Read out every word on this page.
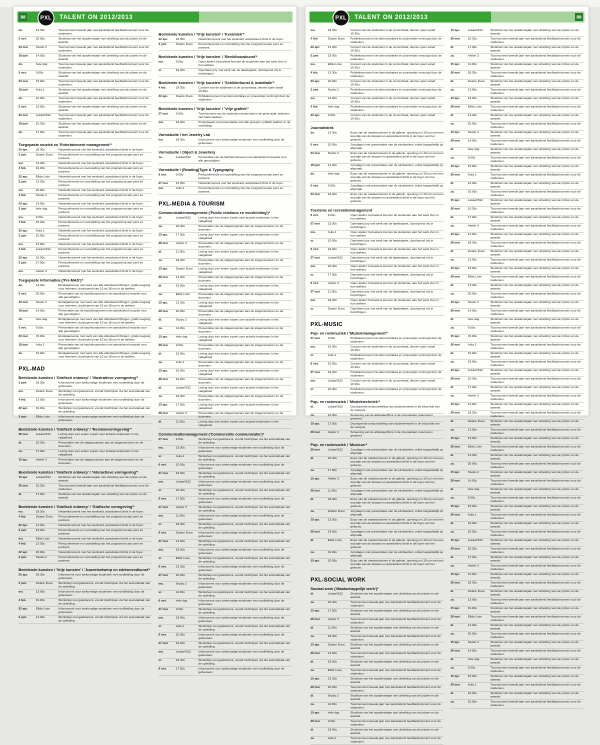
88 PXL TALENT ON 2012/2013
do.	13.30u	Toonmoment tweede jaar met aansluitend feedbackmoment voor de studenten.
5 mrt.	20.00u	Slotshow van het academiejaar met uitreiking van de prijzen en de awards.
23 mei	Studio 2	Toonmoment tweede jaar met aansluitend feedbackmoment voor de studenten.
18 juni	14.00u	Slotshow van het academiejaar met uitreiking van de prijzen en de awards.
do.	hele dag	Toonmoment tweede jaar met aansluitend feedbackmoment voor de studenten.
5 mrt.	9.00u	Slotshow van het academiejaar met uitreiking van de prijzen en de awards.
23 mei	15.00u	Toonmoment tweede jaar met aansluitend feedbackmoment voor de studenten.
18 juni	Aula 1	Slotshow van het academiejaar met uitreiking van de prijzen en de awards.
do.	10.00u	Toonmoment tweede jaar met aansluitend feedbackmoment voor de studenten.
5 mrt.	16.00u	Slotshow van het academiejaar met uitreiking van de prijzen en de awards.
23 mei	Lokaal B12	Toonmoment tweede jaar met aansluitend feedbackmoment voor de studenten.
18 juni	10.30u	Slotshow van het academiejaar met uitreiking van de prijzen en de awards.
do.	17.00u	Toonmoment tweede jaar met aansluitend feedbackmoment voor de studenten.
Toegepaste muziek en 'Entertainment management'*
22 apr.	18.30u	Netwerkmoment met het werkveld, aansluitend drink in de foyer.
3 juni	Zwarte Doos Persconferentie en voorstelling van het programma aan pers en partners.
wo.	13.00u	Netwerkmoment met het werkveld, aansluitend drink in de foyer.
4 feb.	19.00u	Persconferentie en voorstelling van het programma aan pers en partners.
22 apr.	Elfde Linie	Netwerkmoment met het werkveld, aansluitend drink in de foyer.
3 juni	13.30u	Persconferentie en voorstelling van het programma aan pers en partners.
wo.	20.00u	Netwerkmoment met het werkveld, aansluitend drink in de foyer.
4 feb.	Studio 2	Persconferentie en voorstelling van het programma aan pers en partners.
22 apr.	14.00u	Netwerkmoment met het werkveld, aansluitend drink in de foyer.
3 juni	hele dag	Persconferentie en voorstelling van het programma aan pers en partners.
wo.	9.00u	Netwerkmoment met het werkveld, aansluitend drink in de foyer.
4 feb.	15.00u	Persconferentie en voorstelling van het programma aan pers en partners.
22 apr.	Aula 1	Netwerkmoment met het werkveld, aansluitend drink in de foyer.
3 juni	10.00u	Persconferentie en voorstelling van het programma aan pers en partners.
wo.	16.00u	Netwerkmoment met het werkveld, aansluitend drink in de foyer.
4 feb.	Lokaal B12	Persconferentie en voorstelling van het programma aan pers en partners.
22 apr.	10.30u	Netwerkmoment met het werkveld, aansluitend drink in de foyer.
3 juni	17.00u	Persconferentie en voorstelling van het programma aan pers en partners.
wo.	Atelier 3	Netwerkmoment met het werkveld, aansluitend drink in de foyer.
Toegepaste informatica ('Pre-MAD')*
do.	13.30u	Eindejaarsexpo met werk van alle afstudeerrichtingen, gratis toegang voor iedereen, doorlopend van 10 tot 18 uur in de ateliers.
5 mrt.	20.00u	Presentatie van de bachelorproeven met aansluitend receptie voor alle genodigden.
23 mei	Studio 2	Eindejaarsexpo met werk van alle afstudeerrichtingen, gratis toegang voor iedereen, doorlopend van 10 tot 18 uur in de ateliers.
18 juni	14.00u	Presentatie van de bachelorproeven met aansluitend receptie voor alle genodigden.
do.	hele dag	Eindejaarsexpo met werk van alle afstudeerrichtingen, gratis toegang voor iedereen, doorlopend van 10 tot 18 uur in de ateliers.
5 mrt.	9.00u	Presentatie van de bachelorproeven met aansluitend receptie voor alle genodigden.
23 mei	15.00u	Eindejaarsexpo met werk van alle afstudeerrichtingen, gratis toegang voor iedereen, doorlopend van 10 tot 18 uur in de ateliers.
18 juni	Aula 1	Presentatie van de bachelorproeven met aansluitend receptie voor alle genodigden.
do.	10.00u	Eindejaarsexpo met werk van alle afstudeerrichtingen, gratis toegang voor iedereen, doorlopend van 10 tot 18 uur in de ateliers.
PXL-MAD
Beeldende kunsten / 'Grafisch ontwerp' / 'Illustratieve vormgeving'*
3 juni	18.30u	Infomoment voor toekomstige studenten met rondleiding door de gebouwen.
wo.	Zwarte Doos Workshop met gastdocent, vooraf inschrijven via het secretariaat van de opleiding.
4 feb.	13.00u	Infomoment voor toekomstige studenten met rondleiding door de gebouwen.
22 apr.	19.00u	Workshop met gastdocent, vooraf inschrijven via het secretariaat van de opleiding.
3 juni	Elfde Linie	Infomoment voor toekomstige studenten met rondleiding door de gebouwen.
Beeldende kunsten / 'Grafisch ontwerp' / 'Reclamevormgeving'*
28 mei	Lokaal B12	Lezing door een extern expert over actuele tendensen in het vakgebied.
di.	10.30u	Presentatie van de stageprojecten aan de stagementoren en de docenten.
za.	17.00u	Lezing door een extern expert over actuele tendensen in het vakgebied.
15 apr.	Atelier 3	Presentatie van de stageprojecten aan de stagementoren en de docenten.
Beeldende kunsten / 'Grafisch ontwerp' / 'Interactieve vormgeving'*
15 apr.	Lokaal B12	Slotshow van het academiejaar met uitreiking van de prijzen en de awards.
28 mei	10.30u	Toonmoment tweede jaar met aansluitend feedbackmoment voor de studenten.
di.	17.00u	Slotshow van het academiejaar met uitreiking van de prijzen en de awards.
Beeldende kunsten / 'Grafisch ontwerp' / 'Grafische vormgeving'*
wo.	18.30u	Netwerkmoment met het werkveld, aansluitend drink in de foyer.
4 feb.	Zwarte Doos Persconferentie en voorstelling van het programma aan pers en partners.
22 apr.	13.00u	Netwerkmoment met het werkveld, aansluitend drink in de foyer.
3 juni	19.00u	Persconferentie en voorstelling van het programma aan pers en partners.
wo.	Elfde Linie	Netwerkmoment met het werkveld, aansluitend drink in de foyer.
4 feb.	13.30u	Persconferentie en voorstelling van het programma aan pers en partners.
22 apr.	20.00u	Netwerkmoment met het werkveld, aansluitend drink in de foyer.
3 juni	Studio 2	Persconferentie en voorstelling van het programma aan pers en partners.
Beeldende kunsten / 'Vrije kunsten' / 'Juweelontwerp en edelsmeedkunst'*
22 apr.	18.30u	Infomoment voor toekomstige studenten met rondleiding door de gebouwen.
3 juni	Zwarte Doos Workshop met gastdocent, vooraf inschrijven via het secretariaat van de opleiding.
wo.	13.00u	Infomoment voor toekomstige studenten met rondleiding door de gebouwen.
4 feb.	19.00u	Workshop met gastdocent, vooraf inschrijven via het secretariaat van de opleiding.
22 apr.	Elfde Linie	Infomoment voor toekomstige studenten met rondleiding door de gebouwen.
3 juni	13.30u	Workshop met gastdocent, vooraf inschrijven via het secretariaat van de opleiding.
Beeldende kunsten / 'Vrije kunsten' / 'Keramiek'*
22 apr.	18.30u	Netwerkmoment met het werkveld, aansluitend drink in de foyer.
3 juni	Zwarte Doos Persconferentie en voorstelling van het programma aan pers en partners.
Beeldende kunsten / 'Vrije kunsten' / 'Beeldhouwkunst'*
ma.	9.00u	Open atelier: bezoekers kunnen de studenten aan het werk zien in hun ateliers.
vr.	15.00u	Openbare jury met werk van de laatstejaars, doorlopend vrij te bezichtigen.
Beeldende kunsten / 'Vrije kunsten' / 'Schilderkunst & installatie'*
4 feb.	18.30u	Concert van de studenten in de concertzaal, deuren open vanaf 19.30u.
22 apr.	Zwarte Doos Publieksmoment met demonstraties en proeverijen verzorgd door de studenten.
Beeldende kunsten / 'Vrije kunsten' / 'Vrije grafiek'*
27 mei	9.00u	Toonmoment van de studenten eerste jaar in de grote aula, iedereen van harte welkom.
ma.	15.00u	Projectweek met presentaties van alle groepen, publiek welkom in de namiddag.
Vormstudie / het Jewelry Lab
wo.	18.30u	Infomoment voor toekomstige studenten met rondleiding door de gebouwen.
Vormstudie / Object & Jewellery
za.	Lokaal B12	Presentatie van de bachelorproeven met aansluitend receptie voor alle genodigden.
Vormstudie / (Reading)Type & Typography
6 mrt.	9.00u	Persconferentie en voorstelling van het programma aan pers en partners.
27 mei	15.00u	Netwerkmoment met het werkveld, aansluitend drink in de foyer.
ma.	Aula 1	Persconferentie en voorstelling van het programma aan pers en partners.
PXL-MEDIA & TOURISM
Communicatiemanagement ('Public relations en voorlichting')*
di.	Lokaal B12	Lezing door een extern expert over actuele tendensen in het vakgebied.
za.	10.30u	Presentatie van de stageprojecten aan de stagementoren en de docenten.
15 apr.	17.00u	Lezing door een extern expert over actuele tendensen in het vakgebied.
28 mei	Atelier 3	Presentatie van de stageprojecten aan de stagementoren en de docenten.
di.	11.00u	Lezing door een extern expert over actuele tendensen in het vakgebied.
za.	18.30u	Presentatie van de stageprojecten aan de stagementoren en de docenten.
15 apr.	Zwarte Doos Lezing door een extern expert over actuele tendensen in het vakgebied.
28 mei	13.00u	Presentatie van de stageprojecten aan de stagementoren en de docenten.
di.	19.00u	Lezing door een extern expert over actuele tendensen in het vakgebied.
za.	Elfde Linie	Presentatie van de stageprojecten aan de stagementoren en de docenten.
15 apr.	13.30u	Lezing door een extern expert over actuele tendensen in het vakgebied.
28 mei	20.00u	Presentatie van de stageprojecten aan de stagementoren en de docenten.
di.	Studio 2	Lezing door een extern expert over actuele tendensen in het vakgebied.
za.	14.00u	Presentatie van de stageprojecten aan de stagementoren en de docenten.
15 apr.	hele dag	Lezing door een extern expert over actuele tendensen in het vakgebied.
28 mei	9.00u	Presentatie van de stageprojecten aan de stagementoren en de docenten.
di.	15.00u	Lezing door een extern expert over actuele tendensen in het vakgebied.
za.	Aula 1	Presentatie van de stageprojecten aan de stagementoren en de docenten.
15 apr.	10.00u	Lezing door een extern expert over actuele tendensen in het vakgebied.
28 mei	16.00u	Presentatie van de stageprojecten aan de stagementoren en de docenten.
di.	Lokaal B12	Lezing door een extern expert over actuele tendensen in het vakgebied.
za.	10.30u	Presentatie van de stageprojecten aan de stagementoren en de docenten.
15 apr.	17.00u	Lezing door een extern expert over actuele tendensen in het vakgebied.
28 mei	Atelier 3	Presentatie van de stageprojecten aan de stagementoren en de docenten.
di.	11.00u	Lezing door een extern expert over actuele tendensen in het vakgebied.
Communicatiemanagement ('Commerciële communicatie')*
27 mei	9.00u	Workshop met gastdocent, vooraf inschrijven via het secretariaat van de opleiding.
ma.	15.00u	Infomoment voor toekomstige studenten met rondleiding door de gebouwen.
vr.	Aula 1	Workshop met gastdocent, vooraf inschrijven via het secretariaat van de opleiding.
6 mrt.	10.00u	Infomoment voor toekomstige studenten met rondleiding door de gebouwen.
27 mei	16.00u	Workshop met gastdocent, vooraf inschrijven via het secretariaat van de opleiding.
ma.	Lokaal B12	Infomoment voor toekomstige studenten met rondleiding door de gebouwen.
vr.	10.30u	Workshop met gastdocent, vooraf inschrijven via het secretariaat van de opleiding.
6 mrt.	17.00u	Infomoment voor toekomstige studenten met rondleiding door de gebouwen.
27 mei	Atelier 3	Workshop met gastdocent, vooraf inschrijven via het secretariaat van de opleiding.
ma.	11.00u	Infomoment voor toekomstige studenten met rondleiding door de gebouwen.
vr.	18.30u	Workshop met gastdocent, vooraf inschrijven via het secretariaat van de opleiding.
6 mrt.	Zwarte Doos Infomoment voor toekomstige studenten met rondleiding door de gebouwen.
27 mei	13.00u	Workshop met gastdocent, vooraf inschrijven via het secretariaat van de opleiding.
ma.	19.00u	Infomoment voor toekomstige studenten met rondleiding door de gebouwen.
vr.	Elfde Linie	Workshop met gastdocent, vooraf inschrijven via het secretariaat van de opleiding.
6 mrt.	13.30u	Infomoment voor toekomstige studenten met rondleiding door de gebouwen.
27 mei	20.00u	Workshop met gastdocent, vooraf inschrijven via het secretariaat van de opleiding.
ma.	Studio 2	Infomoment voor toekomstige studenten met rondleiding door de gebouwen.
vr.	14.00u	Workshop met gastdocent, vooraf inschrijven via het secretariaat van de opleiding.
6 mrt.	hele dag	Infomoment voor toekomstige studenten met rondleiding door de gebouwen.
27 mei	9.00u	Workshop met gastdocent, vooraf inschrijven via het secretariaat van de opleiding.
ma.	15.00u	Infomoment voor toekomstige studenten met rondleiding door de gebouwen.
vr.	Aula 1	Workshop met gastdocent, vooraf inschrijven via het secretariaat van de opleiding.
6 mrt.	10.00u	Infomoment voor toekomstige studenten met rondleiding door de gebouwen.
27 mei	16.00u	Workshop met gastdocent, vooraf inschrijven via het secretariaat van de opleiding.
ma.	Lokaal B12	Infomoment voor toekomstige studenten met rondleiding door de gebouwen.
vr.	10.30u	Workshop met gastdocent, vooraf inschrijven via het secretariaat van de opleiding.
6 mrt.	17.00u	Infomoment voor toekomstige studenten met rondleiding door de gebouwen.
PXL TALENT ON 2012/2013	89
wo.	18.30u	Concert van de studenten in de concertzaal, deuren open vanaf 19.30u.
4 feb.	Zwarte Doos Publieksmoment met demonstraties en proeverijen verzorgd door de studenten.
22 apr.	13.00u	Concert van de studenten in de concertzaal, deuren open vanaf 19.30u.
3 juni	19.00u	Publieksmoment met demonstraties en proeverijen verzorgd door de studenten.
wo.	Elfde Linie	Concert van de studenten in de concertzaal, deuren open vanaf 19.30u.
4 feb.	13.30u	Publieksmoment met demonstraties en proeverijen verzorgd door de studenten.
22 apr.	20.00u	Concert van de studenten in de concertzaal, deuren open vanaf 19.30u.
3 juni	Studio 2	Publieksmoment met demonstraties en proeverijen verzorgd door de studenten.
wo.	14.00u	Concert van de studenten in de concertzaal, deuren open vanaf 19.30u.
4 feb.	hele dag	Publieksmoment met demonstraties en proeverijen verzorgd door de studenten.
22 apr.	9.00u	Concert van de studenten in de concertzaal, deuren open vanaf 19.30u.
Journalistiek
do.	13.30u	Expo van de masterproeven in de galerie, opening om 19 uur met een woordje van de decaan en aansluitend drink in de foyer van het gebouw.
5 mrt.	20.00u	Jurydagen met presentaties van de eindwerken, enkel toegankelijk op afspraak.
23 mei	Studio 2	Expo van de masterproeven in de galerie, opening om 19 uur met een woordje van de decaan en aansluitend drink in de foyer van het gebouw.
18 juni	14.00u	Jurydagen met presentaties van de eindwerken, enkel toegankelijk op afspraak.
do.	hele dag	Expo van de masterproeven in de galerie, opening om 19 uur met een woordje van de decaan en aansluitend drink in de foyer van het gebouw.
5 mrt.	9.00u	Jurydagen met presentaties van de eindwerken, enkel toegankelijk op afspraak.
23 mei	15.00u	Expo van de masterproeven in de galerie, opening om 19 uur met een woordje van de decaan en aansluitend drink in de foyer van het gebouw.
Toerisme en recreatiemanagement
6 mrt.	9.00u	Open atelier: bezoekers kunnen de studenten aan het werk zien in hun ateliers.
27 mei	15.00u	Openbare jury met werk van de laatstejaars, doorlopend vrij te bezichtigen.
ma.	Aula 1	Open atelier: bezoekers kunnen de studenten aan het werk zien in hun ateliers.
vr.	10.00u	Openbare jury met werk van de laatstejaars, doorlopend vrij te bezichtigen.
6 mrt.	16.00u	Open atelier: bezoekers kunnen de studenten aan het werk zien in hun ateliers.
27 mei	Lokaal B12	Openbare jury met werk van de laatstejaars, doorlopend vrij te bezichtigen.
ma.	10.30u	Open atelier: bezoekers kunnen de studenten aan het werk zien in hun ateliers.
vr.	17.00u	Openbare jury met werk van de laatstejaars, doorlopend vrij te bezichtigen.
6 mrt.	Atelier 3	Open atelier: bezoekers kunnen de studenten aan het werk zien in hun ateliers.
27 mei	11.00u	Openbare jury met werk van de laatstejaars, doorlopend vrij te bezichtigen.
ma.	18.30u	Open atelier: bezoekers kunnen de studenten aan het werk zien in hun ateliers.
vr.	Zwarte Doos Openbare jury met werk van de laatstejaars, doorlopend vrij te bezichtigen.
PXL-MUSIC
Pop- en rockmuziek / 'Muziekmanagement'*
27 mei	9.00u	Publieksmoment met demonstraties en proeverijen verzorgd door de studenten.
ma.	15.00u	Concert van de studenten in de concertzaal, deuren open vanaf 19.30u.
vr.	Aula 1	Publieksmoment met demonstraties en proeverijen verzorgd door de studenten.
6 mrt.	10.00u	Concert van de studenten in de concertzaal, deuren open vanaf 19.30u.
27 mei	16.00u	Publieksmoment met demonstraties en proeverijen verzorgd door de studenten.
ma.	Lokaal B12	Concert van de studenten in de concertzaal, deuren open vanaf 19.30u.
vr.	10.30u	Publieksmoment met demonstraties en proeverijen verzorgd door de studenten.
Pop- en rockmuziek / 'Muziektechniek'*
di.	Lokaal B12	Doorlopende tentoonstelling van studentenwerk in de inkomhal van de campus.
za.	10.30u	Screening van de afstudeerfilms in de cinemazaal, reserveren gewenst.
15 apr.	17.00u	Doorlopende tentoonstelling van studentenwerk in de inkomhal van de campus.
28 mei	Atelier 3	Screening van de afstudeerfilms in de cinemazaal, reserveren gewenst.
Pop- en rockmuziek / 'Musicus'*
28 mei	Lokaal B12	Jurydagen met presentaties van de eindwerken, enkel toegankelijk op afspraak.
di.	10.30u	Expo van de masterproeven in de galerie, opening om 19 uur met een woordje van de decaan en aansluitend drink in de foyer van het gebouw.
za.	17.00u	Jurydagen met presentaties van de eindwerken, enkel toegankelijk op afspraak.
15 apr.	Atelier 3	Expo van de masterproeven in de galerie, opening om 19 uur met een woordje van de decaan en aansluitend drink in de foyer van het gebouw.
28 mei	11.00u	Jurydagen met presentaties van de eindwerken, enkel toegankelijk op afspraak.
di.	18.30u	Expo van de masterproeven in de galerie, opening om 19 uur met een woordje van de decaan en aansluitend drink in de foyer van het gebouw.
za.	Zwarte Doos Jurydagen met presentaties van de eindwerken, enkel toegankelijk op afspraak.
15 apr.	13.00u	Expo van de masterproeven in de galerie, opening om 19 uur met een woordje van de decaan en aansluitend drink in de foyer van het gebouw.
28 mei	19.00u	Jurydagen met presentaties van de eindwerken, enkel toegankelijk op afspraak.
di.	Elfde Linie	Expo van de masterproeven in de galerie, opening om 19 uur met een woordje van de decaan en aansluitend drink in de foyer van het gebouw.
za.	13.30u	Jurydagen met presentaties van de eindwerken, enkel toegankelijk op afspraak.
15 apr.	20.00u	Expo van de masterproeven in de galerie, opening om 19 uur met een woordje van de decaan en aansluitend drink in de foyer van het gebouw.
PXL-SOCIAL WORK
Sociaal werk ('Maatschappelijk werk')*
di.	Lokaal B12	Slotshow van het academiejaar met uitreiking van de prijzen en de awards.
za.	10.30u	Toonmoment tweede jaar met aansluitend feedbackmoment voor de studenten.
15 apr.	17.00u	Slotshow van het academiejaar met uitreiking van de prijzen en de awards.
28 mei	Atelier 3	Toonmoment tweede jaar met aansluitend feedbackmoment voor de studenten.
di.	11.00u	Slotshow van het academiejaar met uitreiking van de prijzen en de awards.
za.	18.30u	Toonmoment tweede jaar met aansluitend feedbackmoment voor de studenten.
15 apr.	Zwarte Doos Slotshow van het academiejaar met uitreiking van de prijzen en de awards.
28 mei	13.00u	Toonmoment tweede jaar met aansluitend feedbackmoment voor de studenten.
di.	19.00u	Slotshow van het academiejaar met uitreiking van de prijzen en de awards.
za.	Elfde Linie	Toonmoment tweede jaar met aansluitend feedbackmoment voor de studenten.
15 apr.	13.30u	Slotshow van het academiejaar met uitreiking van de prijzen en de awards.
28 mei	20.00u	Toonmoment tweede jaar met aansluitend feedbackmoment voor de studenten.
di.	Studio 2	Slotshow van het academiejaar met uitreiking van de prijzen en de awards.
za.	14.00u	Toonmoment tweede jaar met aansluitend feedbackmoment voor de studenten.
15 apr.	hele dag	Slotshow van het academiejaar met uitreiking van de prijzen en de awards.
28 mei	9.00u	Toonmoment tweede jaar met aansluitend feedbackmoment voor de studenten.
di.	15.00u	Slotshow van het academiejaar met uitreiking van de prijzen en de awards.
za.	Aula 1	Toonmoment tweede jaar met aansluitend feedbackmoment voor de studenten.
15 apr.	Lokaal B12	Slotshow van het academiejaar met uitreiking van de prijzen en de awards.
28 mei	10.30u	Toonmoment tweede jaar met aansluitend feedbackmoment voor de studenten.
di.	17.00u	Slotshow van het academiejaar met uitreiking van de prijzen en de awards.
za.	Atelier 3	Toonmoment tweede jaar met aansluitend feedbackmoment voor de studenten.
15 apr.	11.00u	Slotshow van het academiejaar met uitreiking van de prijzen en de awards.
28 mei	18.30u	Toonmoment tweede jaar met aansluitend feedbackmoment voor de studenten.
di.	Zwarte Doos Slotshow van het academiejaar met uitreiking van de prijzen en de awards.
za.	13.00u	Toonmoment tweede jaar met aansluitend feedbackmoment voor de studenten.
15 apr.	19.00u	Slotshow van het academiejaar met uitreiking van de prijzen en de awards.
28 mei	Elfde Linie	Toonmoment tweede jaar met aansluitend feedbackmoment voor de studenten.
di.	13.30u	Slotshow van het academiejaar met uitreiking van de prijzen en de awards.
za.	20.00u	Toonmoment tweede jaar met aansluitend feedbackmoment voor de studenten.
15 apr.	Studio 2	Slotshow van het academiejaar met uitreiking van de prijzen en de awards.
28 mei	14.00u	Toonmoment tweede jaar met aansluitend feedbackmoment voor de studenten.
di.	hele dag	Slotshow van het academiejaar met uitreiking van de prijzen en de awards.
za.	9.00u	Toonmoment tweede jaar met aansluitend feedbackmoment voor de studenten.
15 apr.	15.00u	Slotshow van het academiejaar met uitreiking van de prijzen en de awards.
28 mei	Aula 1	Toonmoment tweede jaar met aansluitend feedbackmoment voor de studenten.
di.	10.00u	Slotshow van het academiejaar met uitreiking van de prijzen en de awards.
za.	16.00u	Toonmoment tweede jaar met aansluitend feedbackmoment voor de studenten.
15 apr.	Lokaal B12	Slotshow van het academiejaar met uitreiking van de prijzen en de awards.
28 mei	10.30u	Toonmoment tweede jaar met aansluitend feedbackmoment voor de studenten.
di.	17.00u	Slotshow van het academiejaar met uitreiking van de prijzen en de awards.
za.	Atelier 3	Toonmoment tweede jaar met aansluitend feedbackmoment voor de studenten.
15 apr.	11.00u	Slotshow van het academiejaar met uitreiking van de prijzen en de awards.
28 mei	18.30u	Toonmoment tweede jaar met aansluitend feedbackmoment voor de studenten.
di.	Zwarte Doos Slotshow van het academiejaar met uitreiking van de prijzen en de awards.
za.	13.00u	Toonmoment tweede jaar met aansluitend feedbackmoment voor de studenten.
15 apr.	19.00u	Slotshow van het academiejaar met uitreiking van de prijzen en de awards.
28 mei	Elfde Linie	Toonmoment tweede jaar met aansluitend feedbackmoment voor de studenten.
di.	13.30u	Slotshow van het academiejaar met uitreiking van de prijzen en de awards.
za.	20.00u	Toonmoment tweede jaar met aansluitend feedbackmoment voor de studenten.
15 apr.	Studio 2	Slotshow van het academiejaar met uitreiking van de prijzen en de awards.
28 mei	14.00u	Toonmoment tweede jaar met aansluitend feedbackmoment voor de studenten.
di.	hele dag	Slotshow van het academiejaar met uitreiking van de prijzen en de awards.
za.	9.00u	Toonmoment tweede jaar met aansluitend feedbackmoment voor de studenten.
15 apr.	15.00u	Slotshow van het academiejaar met uitreiking van de prijzen en de awards.
28 mei	Aula 1	Toonmoment tweede jaar met aansluitend feedbackmoment voor de studenten.
di.	10.00u	Slotshow van het academiejaar met uitreiking van de prijzen en de awards.
za.	16.00u	Toonmoment tweede jaar met aansluitend feedbackmoment voor de studenten.
15 apr.	Lokaal B12	Slotshow van het academiejaar met uitreiking van de prijzen en de awards.
28 mei	10.30u	Toonmoment tweede jaar met aansluitend feedbackmoment voor de studenten.
di.	17.00u	Slotshow van het academiejaar met uitreiking van de prijzen en de awards.
za.	Atelier 3	Toonmoment tweede jaar met aansluitend feedbackmoment voor de studenten.
15 apr.	11.00u	Slotshow van het academiejaar met uitreiking van de prijzen en de awards.
28 mei	18.30u	Toonmoment tweede jaar met aansluitend feedbackmoment voor de studenten.
di.	Zwarte Doos Slotshow van het academiejaar met uitreiking van de prijzen en de awards.
za.	13.00u	Toonmoment tweede jaar met aansluitend feedbackmoment voor de studenten.
15 apr.	19.00u	Slotshow van het academiejaar met uitreiking van de prijzen en de awards.
28 mei	Elfde Linie	Toonmoment tweede jaar met aansluitend feedbackmoment voor de studenten.
di.	13.30u	Slotshow van het academiejaar met uitreiking van de prijzen en de awards.
za.	20.00u	Toonmoment tweede jaar met aansluitend feedbackmoment voor de studenten.
15 apr.	Studio 2	Slotshow van het academiejaar met uitreiking van de prijzen en de awards.
28 mei	14.00u	Toonmoment tweede jaar met aansluitend feedbackmoment voor de studenten.
di.	hele dag	Slotshow van het academiejaar met uitreiking van de prijzen en de awards.
za.	9.00u	Toonmoment tweede jaar met aansluitend feedbackmoment voor de studenten.
15 apr.	15.00u	Slotshow van het academiejaar met uitreiking van de prijzen en de awards.
28 mei	Aula 1	Toonmoment tweede jaar met aansluitend feedbackmoment voor de studenten.
di.	10.00u	Slotshow van het academiejaar met uitreiking van de prijzen en de awards.
za.	16.00u	Toonmoment tweede jaar met aansluitend feedbackmoment voor de studenten.
15 apr.	Lokaal B12	Slotshow van het academiejaar met uitreiking van de prijzen en de awards.
28 mei	10.30u	Toonmoment tweede jaar met aansluitend feedbackmoment voor de studenten.
di.	17.00u	Slotshow van het academiejaar met uitreiking van de prijzen en de awards.
za.	Atelier 3	Toonmoment tweede jaar met aansluitend feedbackmoment voor de studenten.
15 apr.	11.00u	Slotshow van het academiejaar met uitreiking van de prijzen en de awards.
28 mei	18.30u	Toonmoment tweede jaar met aansluitend feedbackmoment voor de studenten.
di.	Zwarte Doos Slotshow van het academiejaar met uitreiking van de prijzen en de awards.
za.	13.00u	Toonmoment tweede jaar met aansluitend feedbackmoment voor de studenten.
15 apr.	19.00u	Slotshow van het academiejaar met uitreiking van de prijzen en de awards.
28 mei	Elfde Linie	Toonmoment tweede jaar met aansluitend feedbackmoment voor de studenten.
di.	13.30u	Slotshow van het academiejaar met uitreiking van de prijzen en de awards.
za.	20.00u	Toonmoment tweede jaar met aansluitend feedbackmoment voor de studenten.
15 apr.	Studio 2	Slotshow van het academiejaar met uitreiking van de prijzen en de awards.
28 mei	14.00u	Toonmoment tweede jaar met aansluitend feedbackmoment voor de studenten.
di.	hele dag	Slotshow van het academiejaar met uitreiking van de prijzen en de awards.
za.	9.00u	Toonmoment tweede jaar met aansluitend feedbackmoment voor de studenten.
15 apr.	15.00u	Slotshow van het academiejaar met uitreiking van de prijzen en de awards.
28 mei	Aula 1	Toonmoment tweede jaar met aansluitend feedbackmoment voor de studenten.
di.	10.00u	Slotshow van het academiejaar met uitreiking van de prijzen en de awards.
za.	16.00u	Toonmoment tweede jaar met aansluitend feedbackmoment voor de studenten.
